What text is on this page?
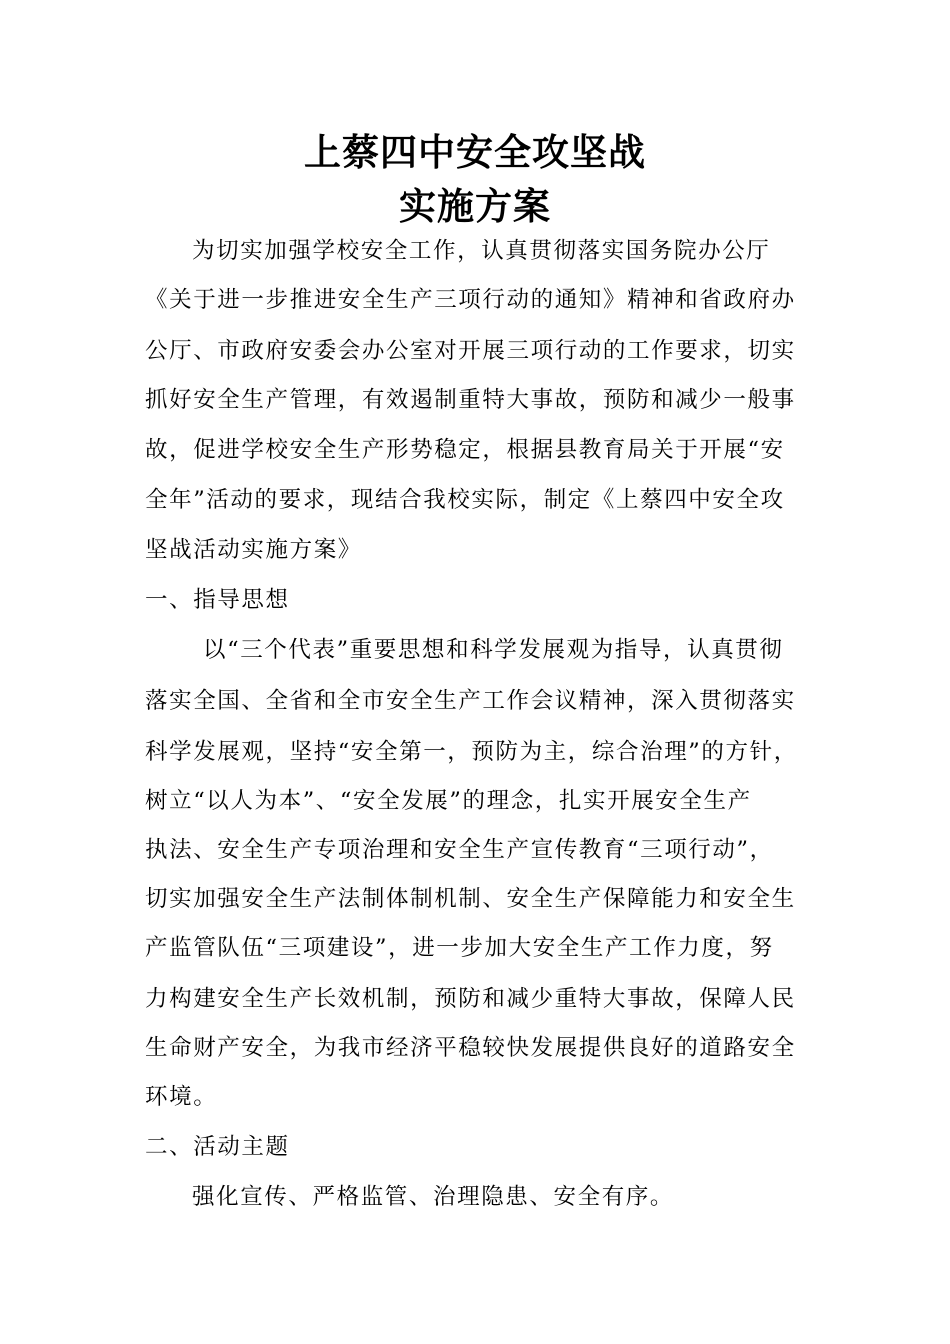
上蔡四中安全攻坚战
实施方案
为切实加强学校安全工作，认真贯彻落实国务院办公厅
《关于进一步推进安全生产三项行动的通知》精神和省政府办
公厅、市政府安委会办公室对开展三项行动的工作要求，切实
抓好安全生产管理，有效遏制重特大事故，预防和减少一般事
故，促进学校安全生产形势稳定，根据县教育局关于开展“安
全年”活动的要求，现结合我校实际，制定《上蔡四中安全攻
坚战活动实施方案》
一、指导思想
以“三个代表”重要思想和科学发展观为指导，认真贯彻
落实全国、全省和全市安全生产工作会议精神，深入贯彻落实
科学发展观，坚持“安全第一，预防为主，综合治理”的方针，
树立“以人为本”、“安全发展”的理念，扎实开展安全生产
执法、安全生产专项治理和安全生产宣传教育“三项行动”，
切实加强安全生产法制体制机制、安全生产保障能力和安全生
产监管队伍“三项建设”，进一步加大安全生产工作力度，努
力构建安全生产长效机制，预防和减少重特大事故，保障人民
生命财产安全，为我市经济平稳较快发展提供良好的道路安全
环境。
二、活动主题
强化宣传、严格监管、治理隐患、安全有序。
